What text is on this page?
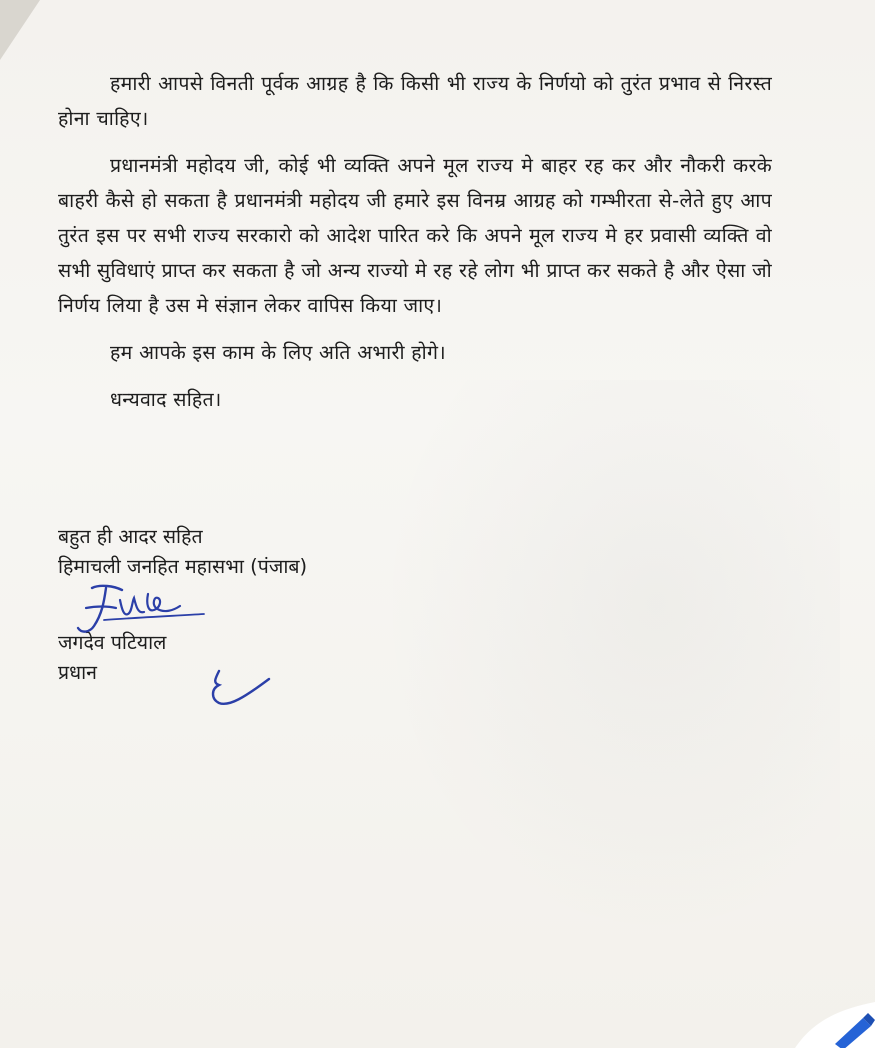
हमारी आपसे विनती पूर्वक आग्रह है कि किसी भी राज्य के निर्णयो को तुरंत प्रभाव से निरस्त होना चाहिए।

प्रधानमंत्री महोदय जी, कोई भी व्यक्ति अपने मूल राज्य मे बाहर रह कर और नौकरी करके बाहरी कैसे हो सकता है प्रधानमंत्री महोदय जी हमारे इस विनम्र आग्रह को गम्भीरता से-लेते हुए आप तुरंत इस पर सभी राज्य सरकारो को आदेश पारित करे कि अपने मूल राज्य मे हर प्रवासी व्यक्ति वो सभी सुविधाएं प्राप्त कर सकता है जो अन्य राज्यो मे रह रहे लोग भी प्राप्त कर सकते है और ऐसा जो निर्णय लिया है उस मे संज्ञान लेकर वापिस किया जाए।

हम आपके इस काम के लिए अति अभारी होगे।

धन्यवाद सहित।

बहुत ही आदर सहित
हिमाचली जनहित महासभा (पंजाब)
जगदेव पटियाल
प्रधान
